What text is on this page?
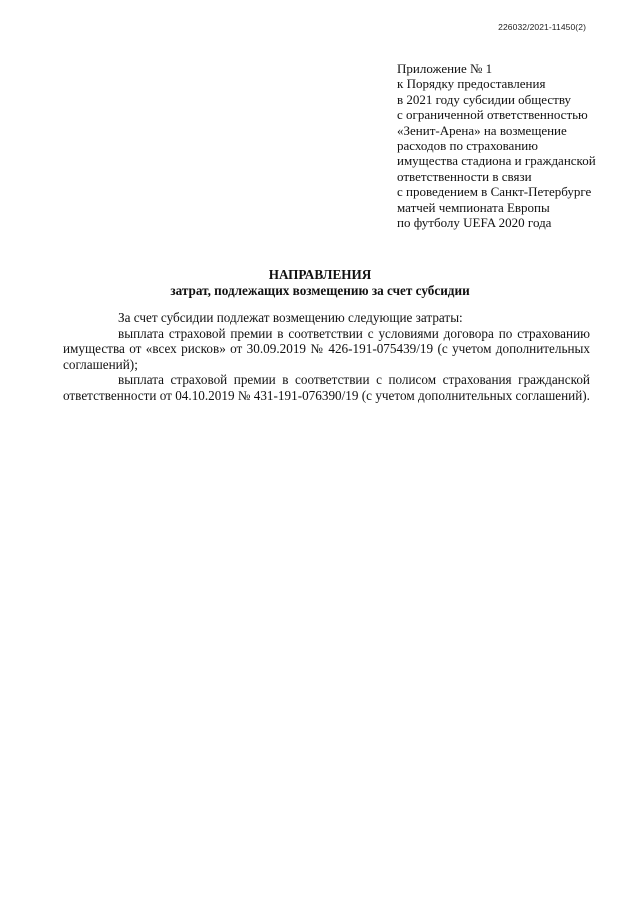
226032/2021-11450(2)
Приложение № 1
к Порядку предоставления
в 2021 году субсидии обществу
с ограниченной ответственностью
«Зенит-Арена» на возмещение
расходов по страхованию
имущества стадиона и гражданской
ответственности в связи
с проведением в Санкт-Петербурге
матчей чемпионата Европы
по футболу UEFA 2020 года
НАПРАВЛЕНИЯ
затрат, подлежащих возмещению за счет субсидии

За счет субсидии подлежат возмещению следующие затраты:

выплата страховой премии в соответствии с условиями договора по страхованию имущества от «всех рисков» от 30.09.2019 № 426-191-075439/19 (с учетом дополнительных соглашений);

выплата страховой премии в соответствии с полисом страхования гражданской ответственности от 04.10.2019 № 431-191-076390/19 (с учетом дополнительных соглашений).
